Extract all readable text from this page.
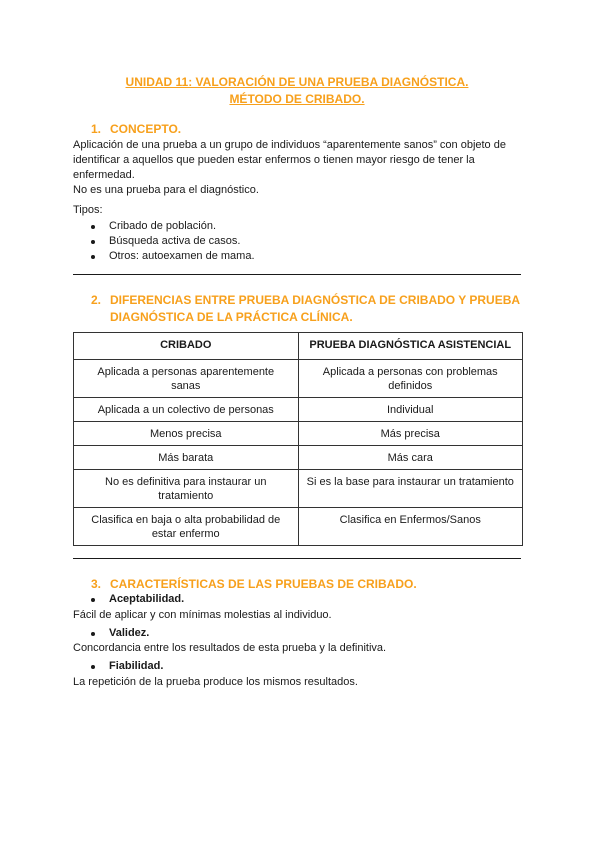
UNIDAD 11: VALORACIÓN DE UNA PRUEBA DIAGNÓSTICA.
MÉTODO DE CRIBADO.
1. CONCEPTO.
Aplicación de una prueba a un grupo de individuos “aparentemente sanos” con objeto de
identificar a aquellos que pueden estar enfermos o tienen mayor riesgo de tener la
enfermedad.
No es una prueba para el diagnóstico.
Tipos:
Cribado de población.
Búsqueda activa de casos.
Otros: autoexamen de mama.
2. DIFERENCIAS ENTRE PRUEBA DIAGNÓSTICA DE CRIBADO Y PRUEBA
DIAGNÓSTICA DE LA PRÁCTICA CLÍNICA.
CRIBADO	PRUEBA DIAGNÓSTICA ASISTENCIAL
Aplicada a personas aparentemente sanas	Aplicada a personas con problemas definidos
Aplicada a un colectivo de personas	Individual
Menos precisa	Más precisa
Más barata	Más cara
No es definitiva para instaurar un tratamiento	Si es la base para instaurar un tratamiento
Clasifica en baja o alta probabilidad de estar enfermo	Clasifica en Enfermos/Sanos
3. CARACTERÍSTICAS DE LAS PRUEBAS DE CRIBADO.
Aceptabilidad.
Fácil de aplicar y con mínimas molestias al individuo.
Validez.
Concordancia entre los resultados de esta prueba y la definitiva.
Fiabilidad.
La repetición de la prueba produce los mismos resultados.
